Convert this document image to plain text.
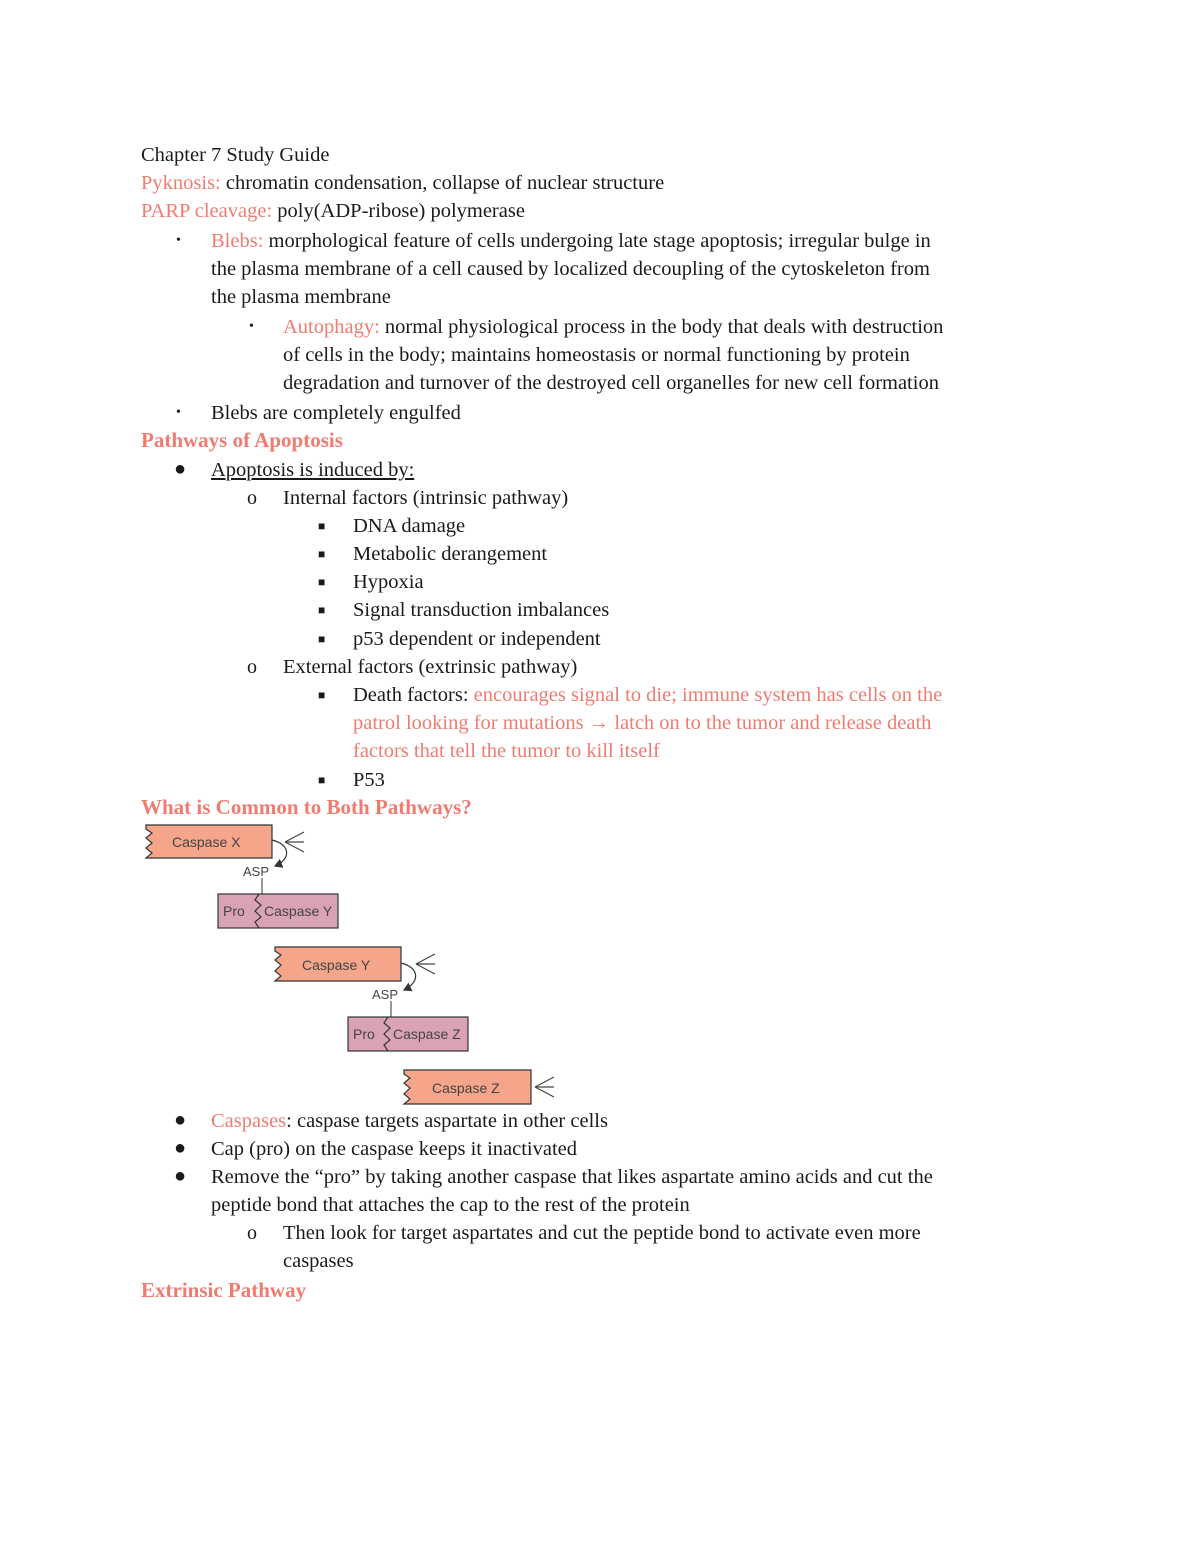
Chapter 7 Study Guide
Pyknosis: chromatin condensation, collapse of nuclear structure
PARP cleavage: poly(ADP-ribose) polymerase
• Blebs: morphological feature of cells undergoing late stage apoptosis; irregular bulge in
the plasma membrane of a cell caused by localized decoupling of the cytoskeleton from
the plasma membrane
• Autophagy: normal physiological process in the body that deals with destruction
of cells in the body; maintains homeostasis or normal functioning by protein
degradation and turnover of the destroyed cell organelles for new cell formation
• Blebs are completely engulfed
Pathways of Apoptosis
● Apoptosis is induced by:
o Internal factors (intrinsic pathway)
■ DNA damage
■ Metabolic derangement
■ Hypoxia
■ Signal transduction imbalances
■ p53 dependent or independent
o External factors (extrinsic pathway)
■ Death factors: encourages signal to die; immune system has cells on the
patrol looking for mutations → latch on to the tumor and release death
factors that tell the tumor to kill itself
■ P53
What is Common to Both Pathways?
Caspase X
ASP
Pro Caspase Y
Caspase Y
ASP
Pro Caspase Z
Caspase Z
● Caspases: caspase targets aspartate in other cells
● Cap (pro) on the caspase keeps it inactivated
● Remove the “pro” by taking another caspase that likes aspartate amino acids and cut the
peptide bond that attaches the cap to the rest of the protein
o Then look for target aspartates and cut the peptide bond to activate even more
caspases
Extrinsic Pathway
